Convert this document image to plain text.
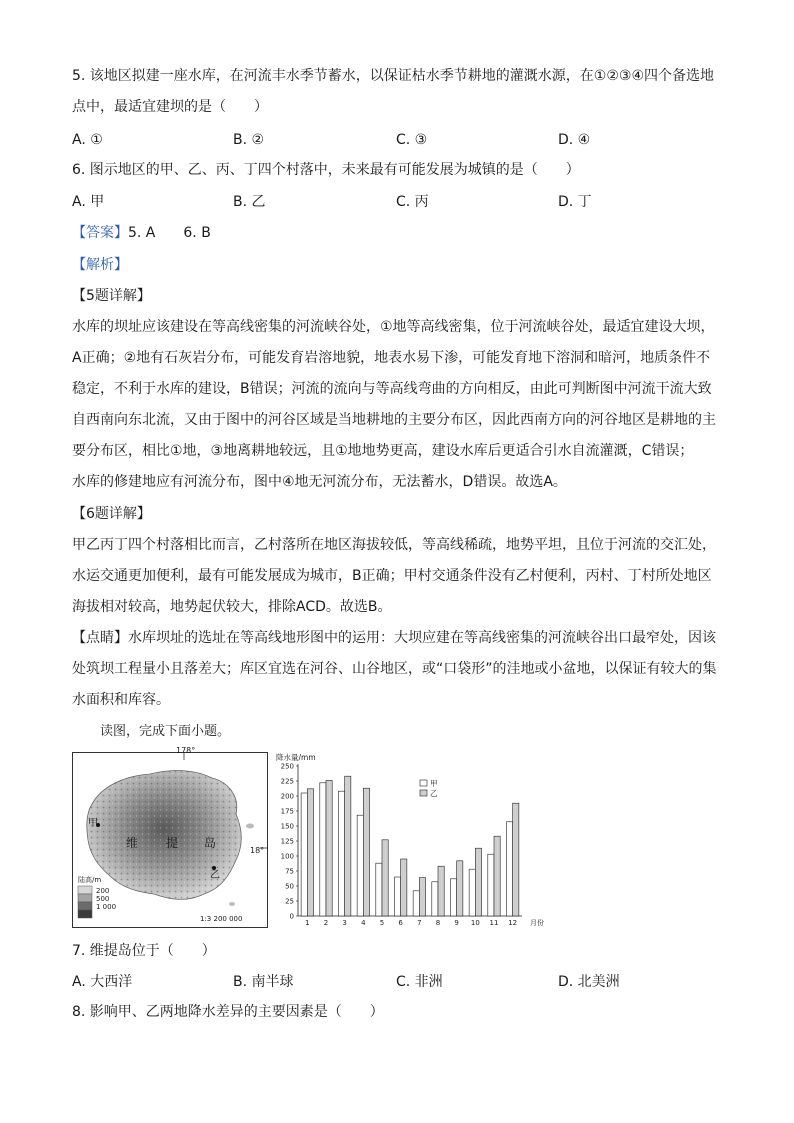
5. 该地区拟建一座水库，在河流丰水季节蓄水，以保证枯水季节耕地的灌溉水源，在①②③④四个备选地
点中，最适宜建坝的是（　　）
A. ①	B. ②	C. ③	D. ④
6. 图示地区的甲、乙、丙、丁四个村落中，未来最有可能发展为城镇的是（　　）
A. 甲	B. 乙	C. 丙	D. 丁
【答案】5. A　　6. B
【解析】
【5题详解】
水库的坝址应该建设在等高线密集的河流峡谷处，①地等高线密集，位于河流峡谷处，最适宜建设大坝，
A正确；②地有石灰岩分布，可能发育岩溶地貌，地表水易下渗，可能发育地下溶洞和暗河，地质条件不
稳定，不利于水库的建设，B错误；河流的流向与等高线弯曲的方向相反，由此可判断图中河流干流大致
自西南向东北流，又由于图中的河谷区域是当地耕地的主要分布区，因此西南方向的河谷地区是耕地的主
要分布区，相比①地，③地离耕地较远，且①地地势更高，建设水库后更适合引水自流灌溉，C错误；
水库的修建地应有河流分布，图中④地无河流分布，无法蓄水，D错误。故选A。
【6题详解】
甲乙丙丁四个村落相比而言，乙村落所在地区海拔较低，等高线稀疏，地势平坦，且位于河流的交汇处，
水运交通更加便利，最有可能发展成为城市，B正确；甲村交通条件没有乙村便利，丙村、丁村所处地区
海拔相对较高，地势起伏较大，排除ACD。故选B。
【点睛】水库坝址的选址在等高线地形图中的运用：大坝应建在等高线密集的河流峡谷出口最窄处，因该
处筑坝工程量小且落差大；库区宜选在河谷、山谷地区，或“口袋形”的洼地或小盆地，以保证有较大的集
水面积和库容。
读图，完成下面小题。
178°
18°
甲
乙
维 提 岛
陆高/m
200
500
1 000
1:3 200 000	0
25
50
75
100
125
150
175
200
225
250
降水量/mm
1 2 3 4 5 6 7 8 9 10 11 12 月份
甲
乙
7. 维提岛位于（　　）
A. 大西洋	B. 南半球	C. 非洲	D. 北美洲
8. 影响甲、乙两地降水差异的主要因素是（　　）
